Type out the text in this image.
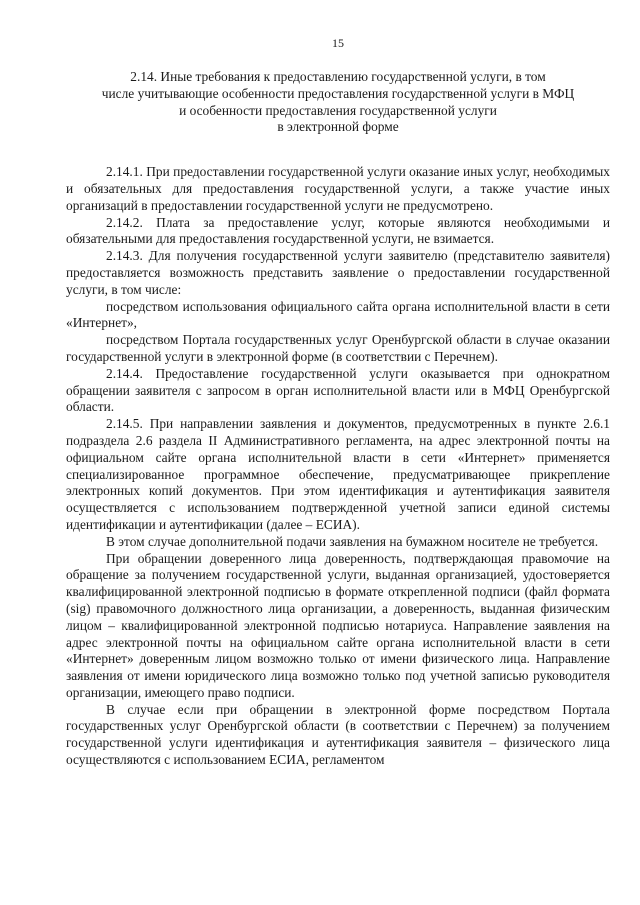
15
2.14. Иные требования к предоставлению государственной услуги, в том
числе учитывающие особенности предоставления государственной услуги в МФЦ
и особенности предоставления государственной услуги
в электронной форме

2.14.1. При предоставлении государственной услуги оказание иных услуг, необходимых и обязательных для предоставления государственной услуги, а также участие иных организаций в предоставлении государственной услуги не предусмотрено.

2.14.2. Плата за предоставление услуг, которые являются необходимыми и обязательными для предоставления государственной услуги, не взимается.

2.14.3. Для получения государственной услуги заявителю (представителю заявителя) предоставляется возможность представить заявление о предоставлении государственной услуги, в том числе:

посредством использования официального сайта органа исполнительной власти в сети «Интернет»,

посредством Портала государственных услуг Оренбургской области в случае оказании государственной услуги в электронной форме (в соответствии с Перечнем).

2.14.4. Предоставление государственной услуги оказывается при однократном обращении заявителя с запросом в орган исполнительной власти или в МФЦ Оренбургской области.

2.14.5. При направлении заявления и документов, предусмотренных в пункте 2.6.1 подраздела 2.6 раздела II Административного регламента, на адрес электронной почты на официальном сайте органа исполнительной власти в сети «Интернет» применяется специализированное программное обеспечение, предусматривающее прикрепление электронных копий документов. При этом идентификация и аутентификация заявителя осуществляется с использованием подтвержденной учетной записи единой системы идентификации и аутентификации (далее – ЕСИА).

В этом случае дополнительной подачи заявления на бумажном носителе не требуется.

При обращении доверенного лица доверенность, подтверждающая правомочие на обращение за получением государственной услуги, выданная организацией, удостоверяется квалифицированной электронной подписью в формате открепленной подписи (файл формата (sig) правомочного должностного лица организации, а доверенность, выданная физическим лицом – квалифицированной электронной подписью нотариуса. Направление заявления на адрес электронной почты на официальном сайте органа исполнительной власти в сети «Интернет» доверенным лицом возможно только от имени физического лица. Направление заявления от имени юридического лица возможно только под учетной записью руководителя организации, имеющего право подписи.

В случае если при обращении в электронной форме посредством Портала государственных услуг Оренбургской области (в соответствии с Перечнем) за получением государственной услуги идентификация и аутентификация заявителя – физического лица осуществляются с использованием ЕСИА, регламентом
